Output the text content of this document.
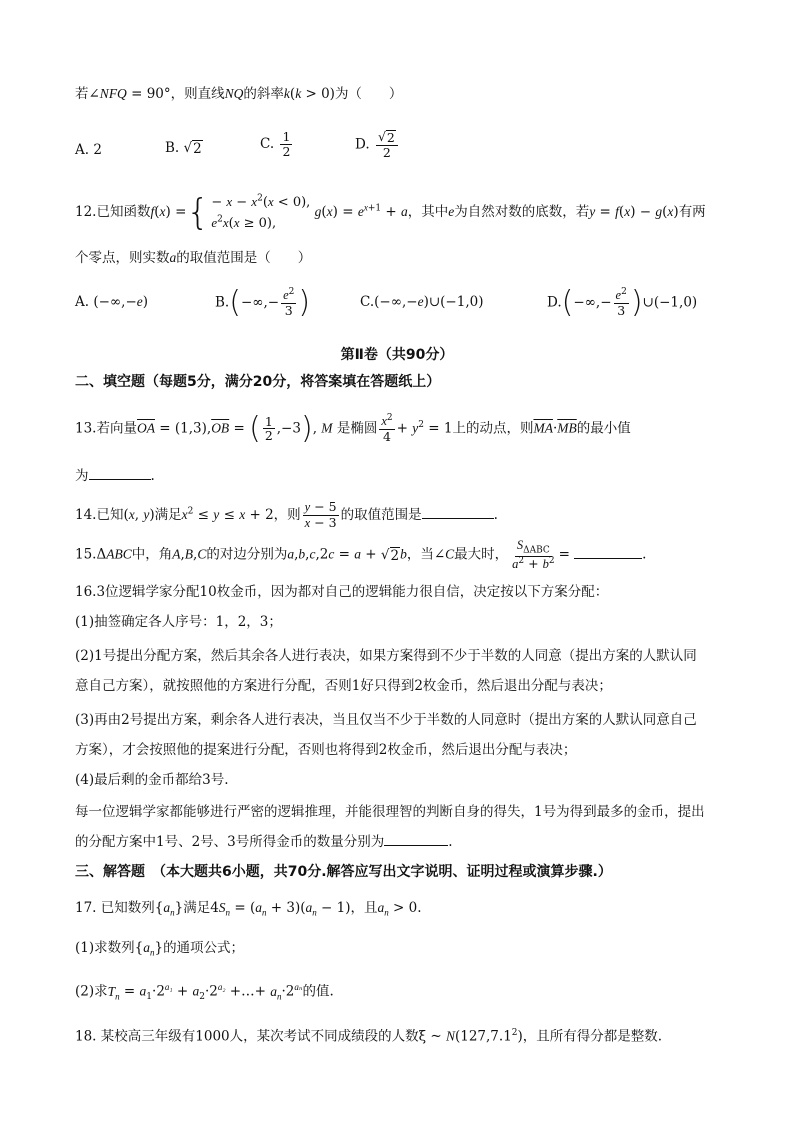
若∠NFQ = 90°，则直线NQ的斜率k(k > 0)为（　　）
A. 2	B. √ 2	C. $\frac{1}{2}$	D. $\frac{√ 2}{2}$
12.已知函数f(x) ={ − $x - x^2(x < 0)$,
$e^2x(x \ge 0)$,
$g(x) = e^{x+1} + a$，其中e为自然对数的底数，若y = f(x) − g(x)有两
个零点，则实数a的取值范围是（　　）
A. (−∞,−e)	$B.(-\infty,- \frac{e^2}{3}$ )	C.(−∞,−e)∪(−1,0)	$D.(-\infty,- \frac{e^2}{3}$ )∪(−1,0)
第Ⅱ卷（共90分）
二、填空题（每题5分，满分20分，将答案填在答题纸上）
13.若向量$\overline{OA} = (1,3),\overline{OB}$ = ( $\frac{1}{2} ,-3$), M 是椭圆 $\frac{x^2}{4} + y^2 = 1$上的动点，则$\overline{MA}\cdot\overline{MB}$的最小值
为	.
14.已知(x, y)满足$x^2 \le y \le x + 2$，则 $\frac{y - 5}{x - 3}$ 的取值范围是	.
15.ΔABC中，角A,B,C的对边分别为a,b,c,2c = a + √ 2 b，当∠C最大时， $\frac{S_{\Delta ABC}}{a^2 + b^2}$ =	.
16.3位逻辑学家分配10枚金币，因为都对自己的逻辑能力很自信，决定按以下方案分配：
(1)抽签确定各人序号：1，2，3；
(2)1号提出分配方案，然后其余各人进行表决，如果方案得到不少于半数的人同意（提出方案的人默认同
意自己方案），就按照他的方案进行分配，否则1好只得到2枚金币，然后退出分配与表决；
(3)再由2号提出方案，剩余各人进行表决，当且仅当不少于半数的人同意时（提出方案的人默认同意自己
方案），才会按照他的提案进行分配，否则也将得到2枚金币，然后退出分配与表决；
(4)最后剩的金币都给3号.
每一位逻辑学家都能够进行严密的逻辑推理，并能很理智的判断自身的得失，1号为得到最多的金币，提出
的分配方案中1号、2号、3号所得金币的数量分别为	.
三、解答题　（本大题共6小题，共70分.解答应写出文字说明、证明过程或演算步骤.）
17. 已知数列$\{a_n\}$满足$4S_n = (a_n + 3)(a_n - 1)$，且$a_n > 0$.
(1)求数列$\{a_n\}$的通项公式；
(2)求$T_n = a_1\cdot 2^{a_1} + a_2\cdot 2^{a_2}$ +…+ $a_n\cdot 2^{a_n}$的值.
18. 某校高三年级有1000人，某次考试不同成绩段的人数ξ ~ N(127,7.1$^2$)，且所有得分都是整数.
